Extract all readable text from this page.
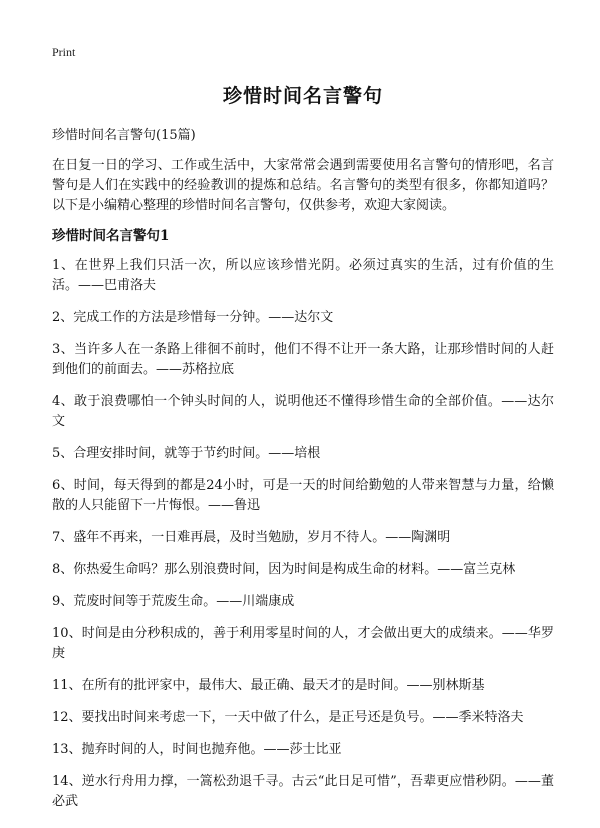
Print
珍惜时间名言警句

珍惜时间名言警句(15篇)

在日复一日的学习、工作或生活中，大家常常会遇到需要使用名言警句的情形吧，名言警句是人们在实践中的经验教训的提炼和总结。名言警句的类型有很多，你都知道吗？以下是小编精心整理的珍惜时间名言警句，仅供参考，欢迎大家阅读。

珍惜时间名言警句1
1、在世界上我们只活一次，所以应该珍惜光阴。必须过真实的生活，过有价值的生活。——巴甫洛夫
2、完成工作的方法是珍惜每一分钟。——达尔文
3、当许多人在一条路上徘徊不前时，他们不得不让开一条大路，让那珍惜时间的人赶到他们的前面去。——苏格拉底
4、敢于浪费哪怕一个钟头时间的人，说明他还不懂得珍惜生命的全部价值。——达尔文
5、合理安排时间，就等于节约时间。——培根
6、时间，每天得到的都是24小时，可是一天的时间给勤勉的人带来智慧与力量，给懒散的人只能留下一片悔恨。——鲁迅
7、盛年不再来，一日难再晨，及时当勉励，岁月不待人。——陶渊明
8、你热爱生命吗？那么别浪费时间，因为时间是构成生命的材料。——富兰克林
9、荒废时间等于荒废生命。——川端康成
10、时间是由分秒积成的，善于利用零星时间的人，才会做出更大的成绩来。——华罗庚
11、在所有的批评家中，最伟大、最正确、最天才的是时间。——别林斯基
12、要找出时间来考虑一下，一天中做了什么，是正号还是负号。——季米特洛夫
13、抛弃时间的人，时间也抛弃他。——莎士比亚
14、逆水行舟用力撑，一篙松劲退千寻。古云“此日足可惜”，吾辈更应惜秒阴。——董必武
